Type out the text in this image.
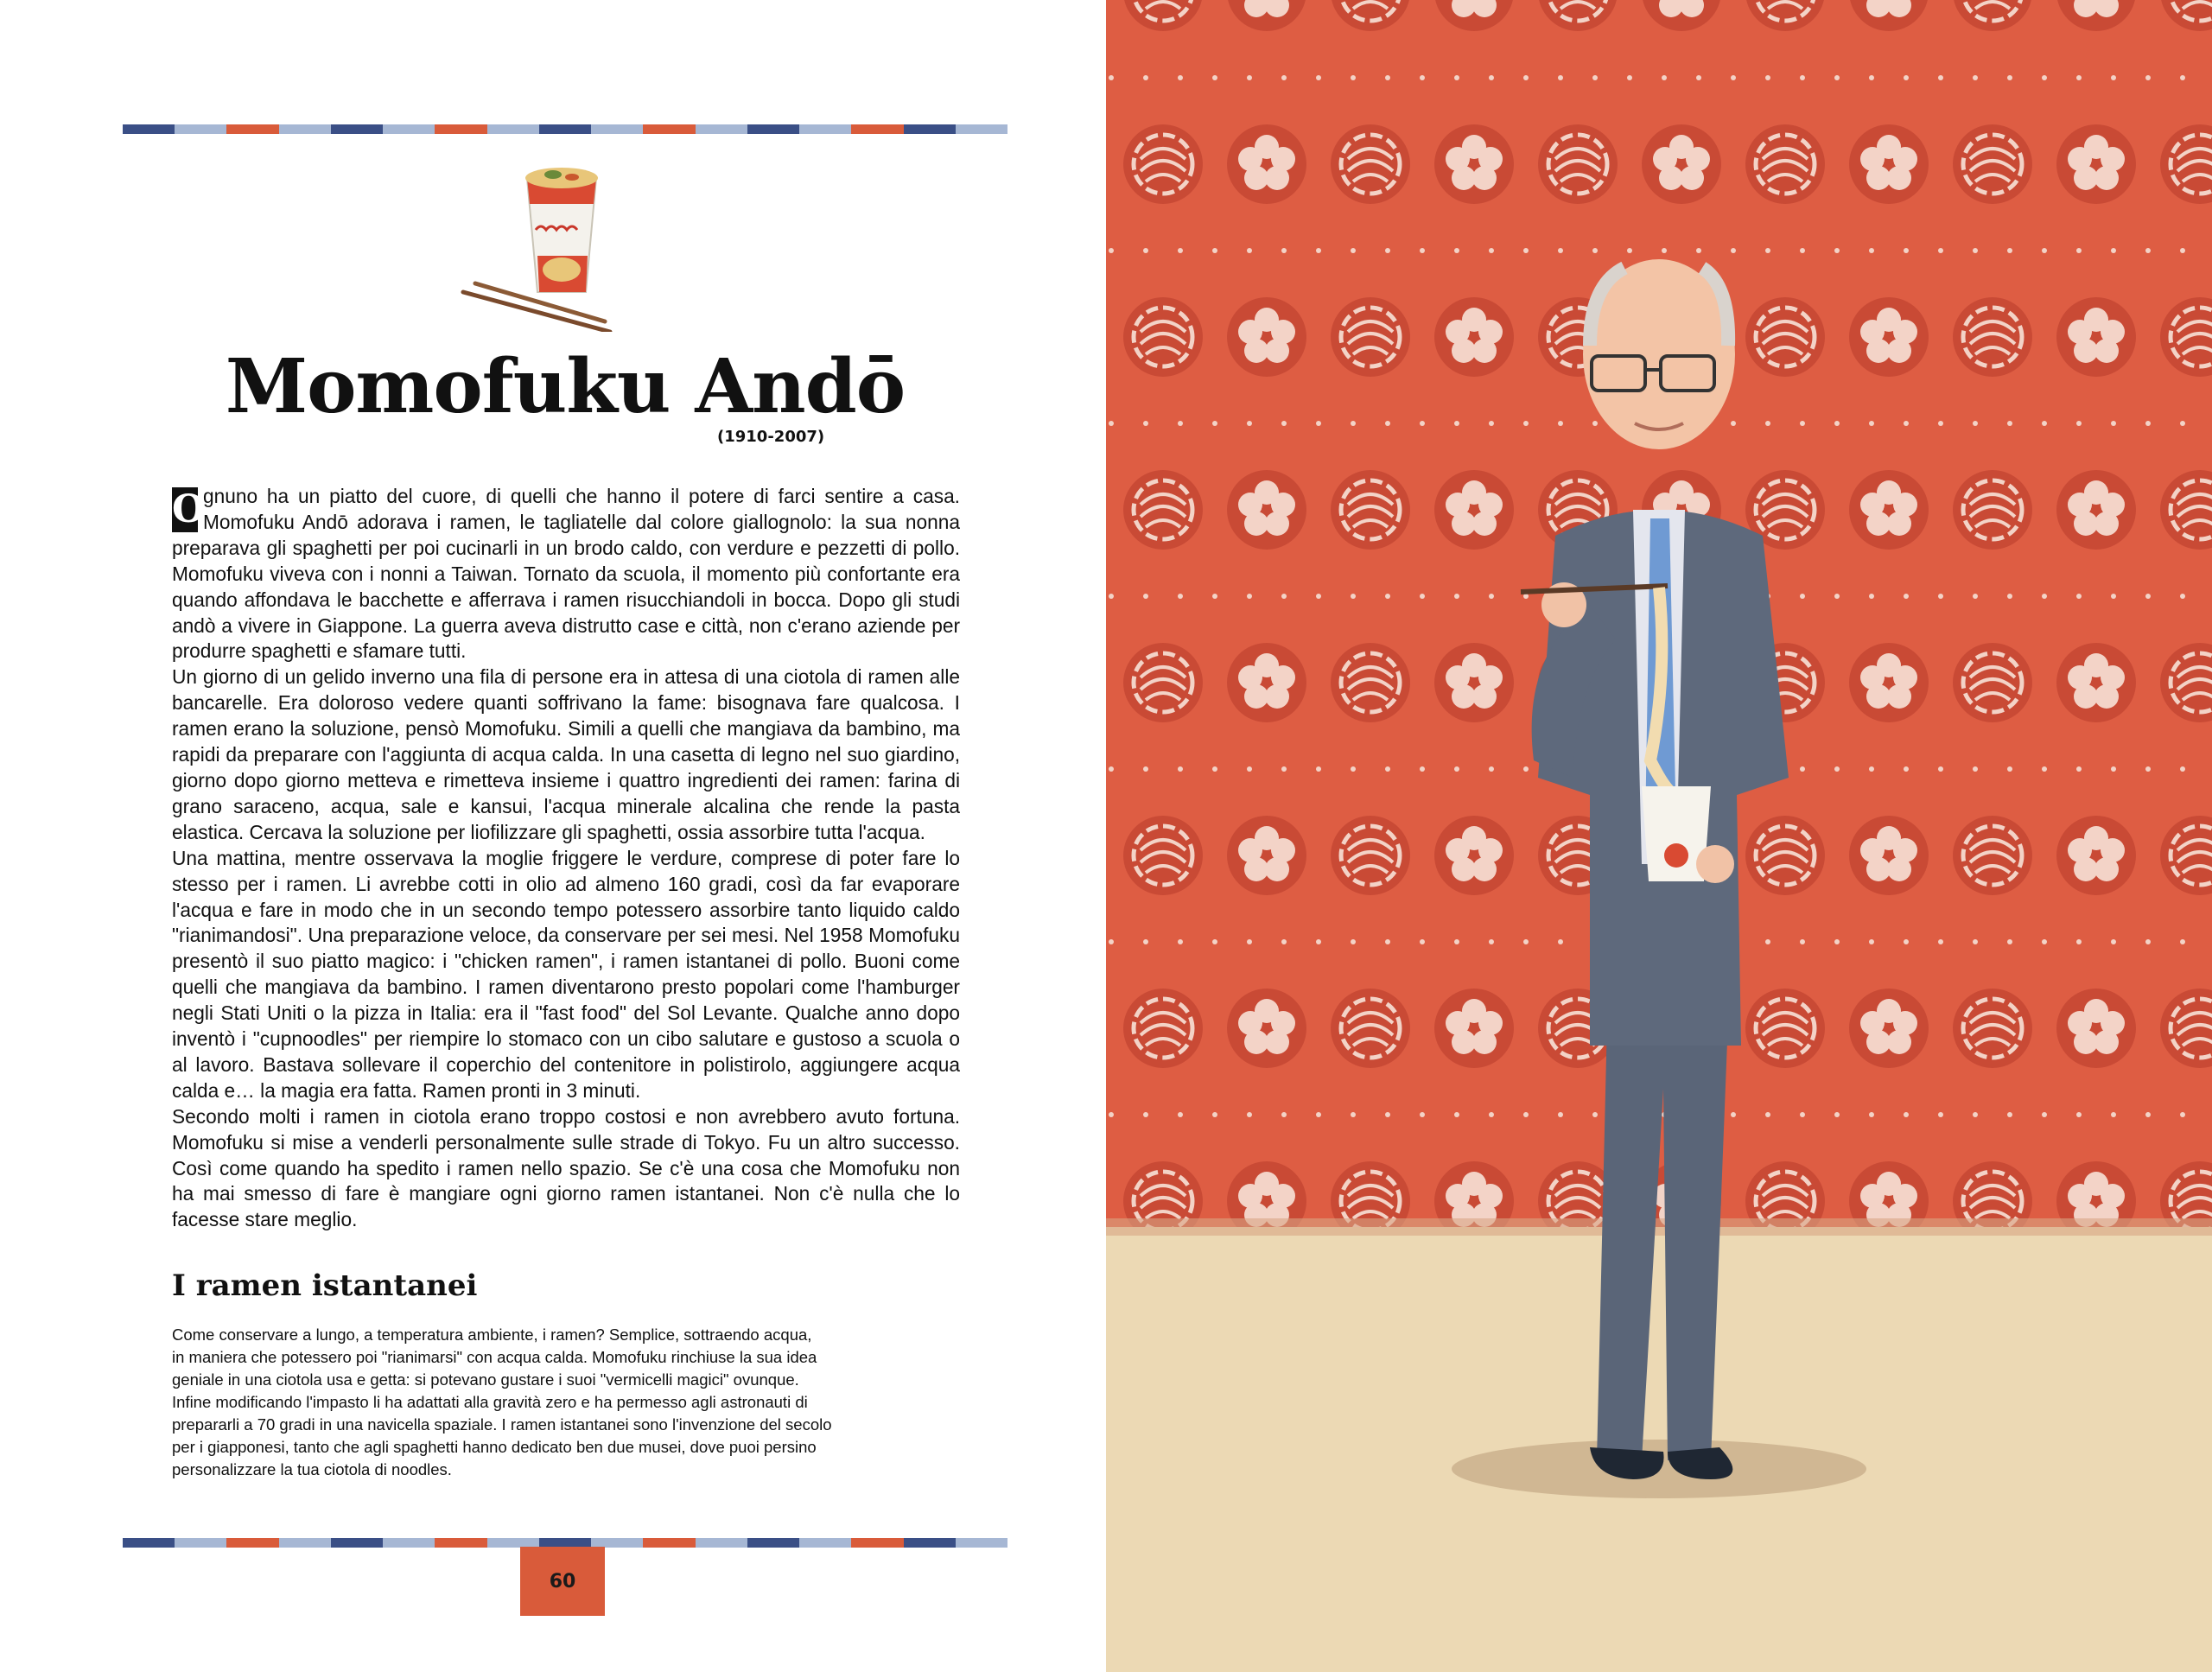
Momofuku Andō
(1910-2007)

O
gnuno ha un piatto del cuore, di quelli che hanno il potere di farci sentire a casa. Momofuku Andō adorava i ramen, le tagliatelle dal colore giallognolo: la sua nonna preparava gli spaghetti per poi cucinarli in un brodo caldo, con verdure e pezzetti di pollo. Momofuku viveva con i nonni a Taiwan. Tornato da scuola, il momento più confortante era quando affondava le bacchette e afferrava i ramen risucchiandoli in bocca. Dopo gli studi andò a vivere in Giappone. La guerra aveva distrutto case e città, non c'erano aziende per produrre spaghetti e sfamare tutti.

Un giorno di un gelido inverno una fila di persone era in attesa di una ciotola di ramen alle bancarelle. Era doloroso vedere quanti soffrivano la fame: bisognava fare qualcosa. I ramen erano la soluzione, pensò Momofuku. Simili a quelli che mangiava da bambino, ma rapidi da preparare con l'aggiunta di acqua calda. In una casetta di legno nel suo giardino, giorno dopo giorno metteva e rimetteva insieme i quattro ingredienti dei ramen: farina di grano saraceno, acqua, sale e kansui, l'acqua minerale alcalina che rende la pasta elastica. Cercava la soluzione per liofilizzare gli spaghetti, ossia assorbire tutta l'acqua.

Una mattina, mentre osservava la moglie friggere le verdure, comprese di poter fare lo stesso per i ramen. Li avrebbe cotti in olio ad almeno 160 gradi, così da far evaporare l'acqua e fare in modo che in un secondo tempo potessero assorbire tanto liquido caldo "rianimandosi". Una preparazione veloce, da conservare per sei mesi. Nel 1958 Momofuku presentò il suo piatto magico: i "chicken ramen", i ramen istantanei di pollo. Buoni come quelli che mangiava da bambino. I ramen diventarono presto popolari come l'hamburger negli Stati Uniti o la pizza in Italia: era il "fast food" del Sol Levante. Qualche anno dopo inventò i "cupnoodles" per riempire lo stomaco con un cibo salutare e gustoso a scuola o al lavoro. Bastava sollevare il coperchio del contenitore in polistirolo, aggiungere acqua calda e… la magia era fatta. Ramen pronti in 3 minuti.

Secondo molti i ramen in ciotola erano troppo costosi e non avrebbero avuto fortuna. Momofuku si mise a venderli personalmente sulle strade di Tokyo. Fu un altro successo. Così come quando ha spedito i ramen nello spazio. Se c'è una cosa che Momofuku non ha mai smesso di fare è mangiare ogni giorno ramen istantanei. Non c'è nulla che lo facesse stare meglio.

I ramen istantanei
Come conservare a lungo, a temperatura ambiente, i ramen? Semplice, sottraendo acqua,
in maniera che potessero poi "rianimarsi" con acqua calda. Momofuku rinchiuse la sua idea
geniale in una ciotola usa e getta: si potevano gustare i suoi "vermicelli magici" ovunque.
Infine modificando l'impasto li ha adattati alla gravità zero e ha permesso agli astronauti di
prepararli a 70 gradi in una navicella spaziale. I ramen istantanei sono l'invenzione del secolo
per i giapponesi, tanto che agli spaghetti hanno dedicato ben due musei, dove puoi persino
personalizzare la tua ciotola di noodles.
60
